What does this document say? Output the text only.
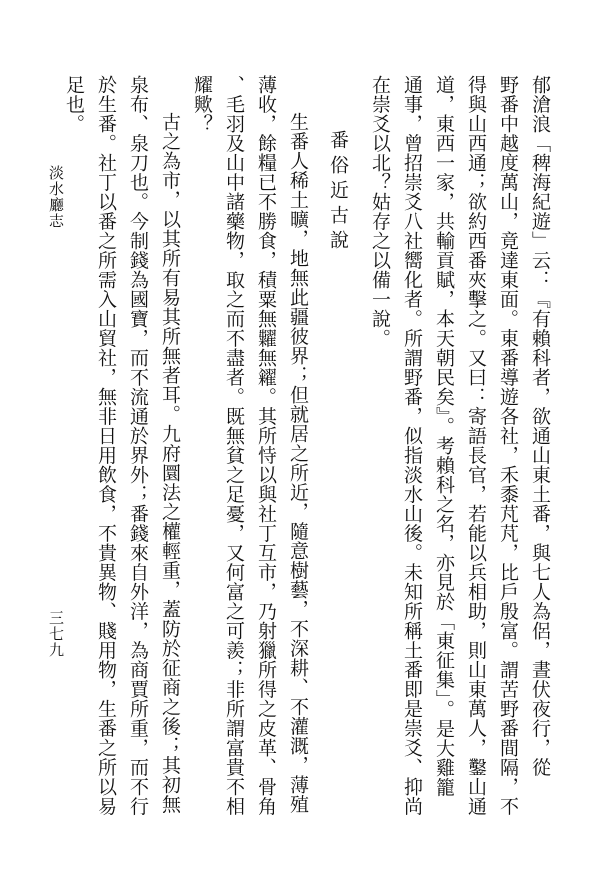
郁滄浪「稗海紀遊」云：『有賴科者，欲通山東土番，與七人為侶，晝伏夜行，從
野番中越度萬山，竟達東面。東番導遊各社，禾黍芃芃，比戶殷富。謂苦野番間隔，不
得與山西通；欲約西番夾擊之。又曰：寄語長官，若能以兵相助，則山東萬人，鑿山通
道，東西一家，共輸貢賦，本天朝民矣』。考賴科之名，亦見於「東征集」。是大雞籠
通事，曾招崇爻八社嚮化者。所謂野番，似指淡水山後。未知所稱土番即是崇爻、抑尚
在崇爻以北？姑存之以備一說。
番俗近古說
生番人稀土曠，地無此疆彼界；但就居之所近，隨意樹藝，不深耕、不灌溉，薄殖
薄收，餘糧已不勝食，積粟無糶無糴。其所恃以與社丁互市，乃射獵所得之皮革、骨角
、毛羽及山中諸藥物，取之而不盡者。既無貧之足憂，又何富之可羨；非所謂富貴不相
耀歟？
古之為市，以其所有易其所無者耳。九府圜法之權輕重，蓋防於征商之後；其初無
泉布、泉刀也。今制錢為國寶，而不流通於界外；番錢來自外洋，為商賈所重，而不行
於生番。社丁以番之所需入山貿社，無非日用飲食，不貴異物、賤用物，生番之所以易
足也。
淡水廳志
三七九
